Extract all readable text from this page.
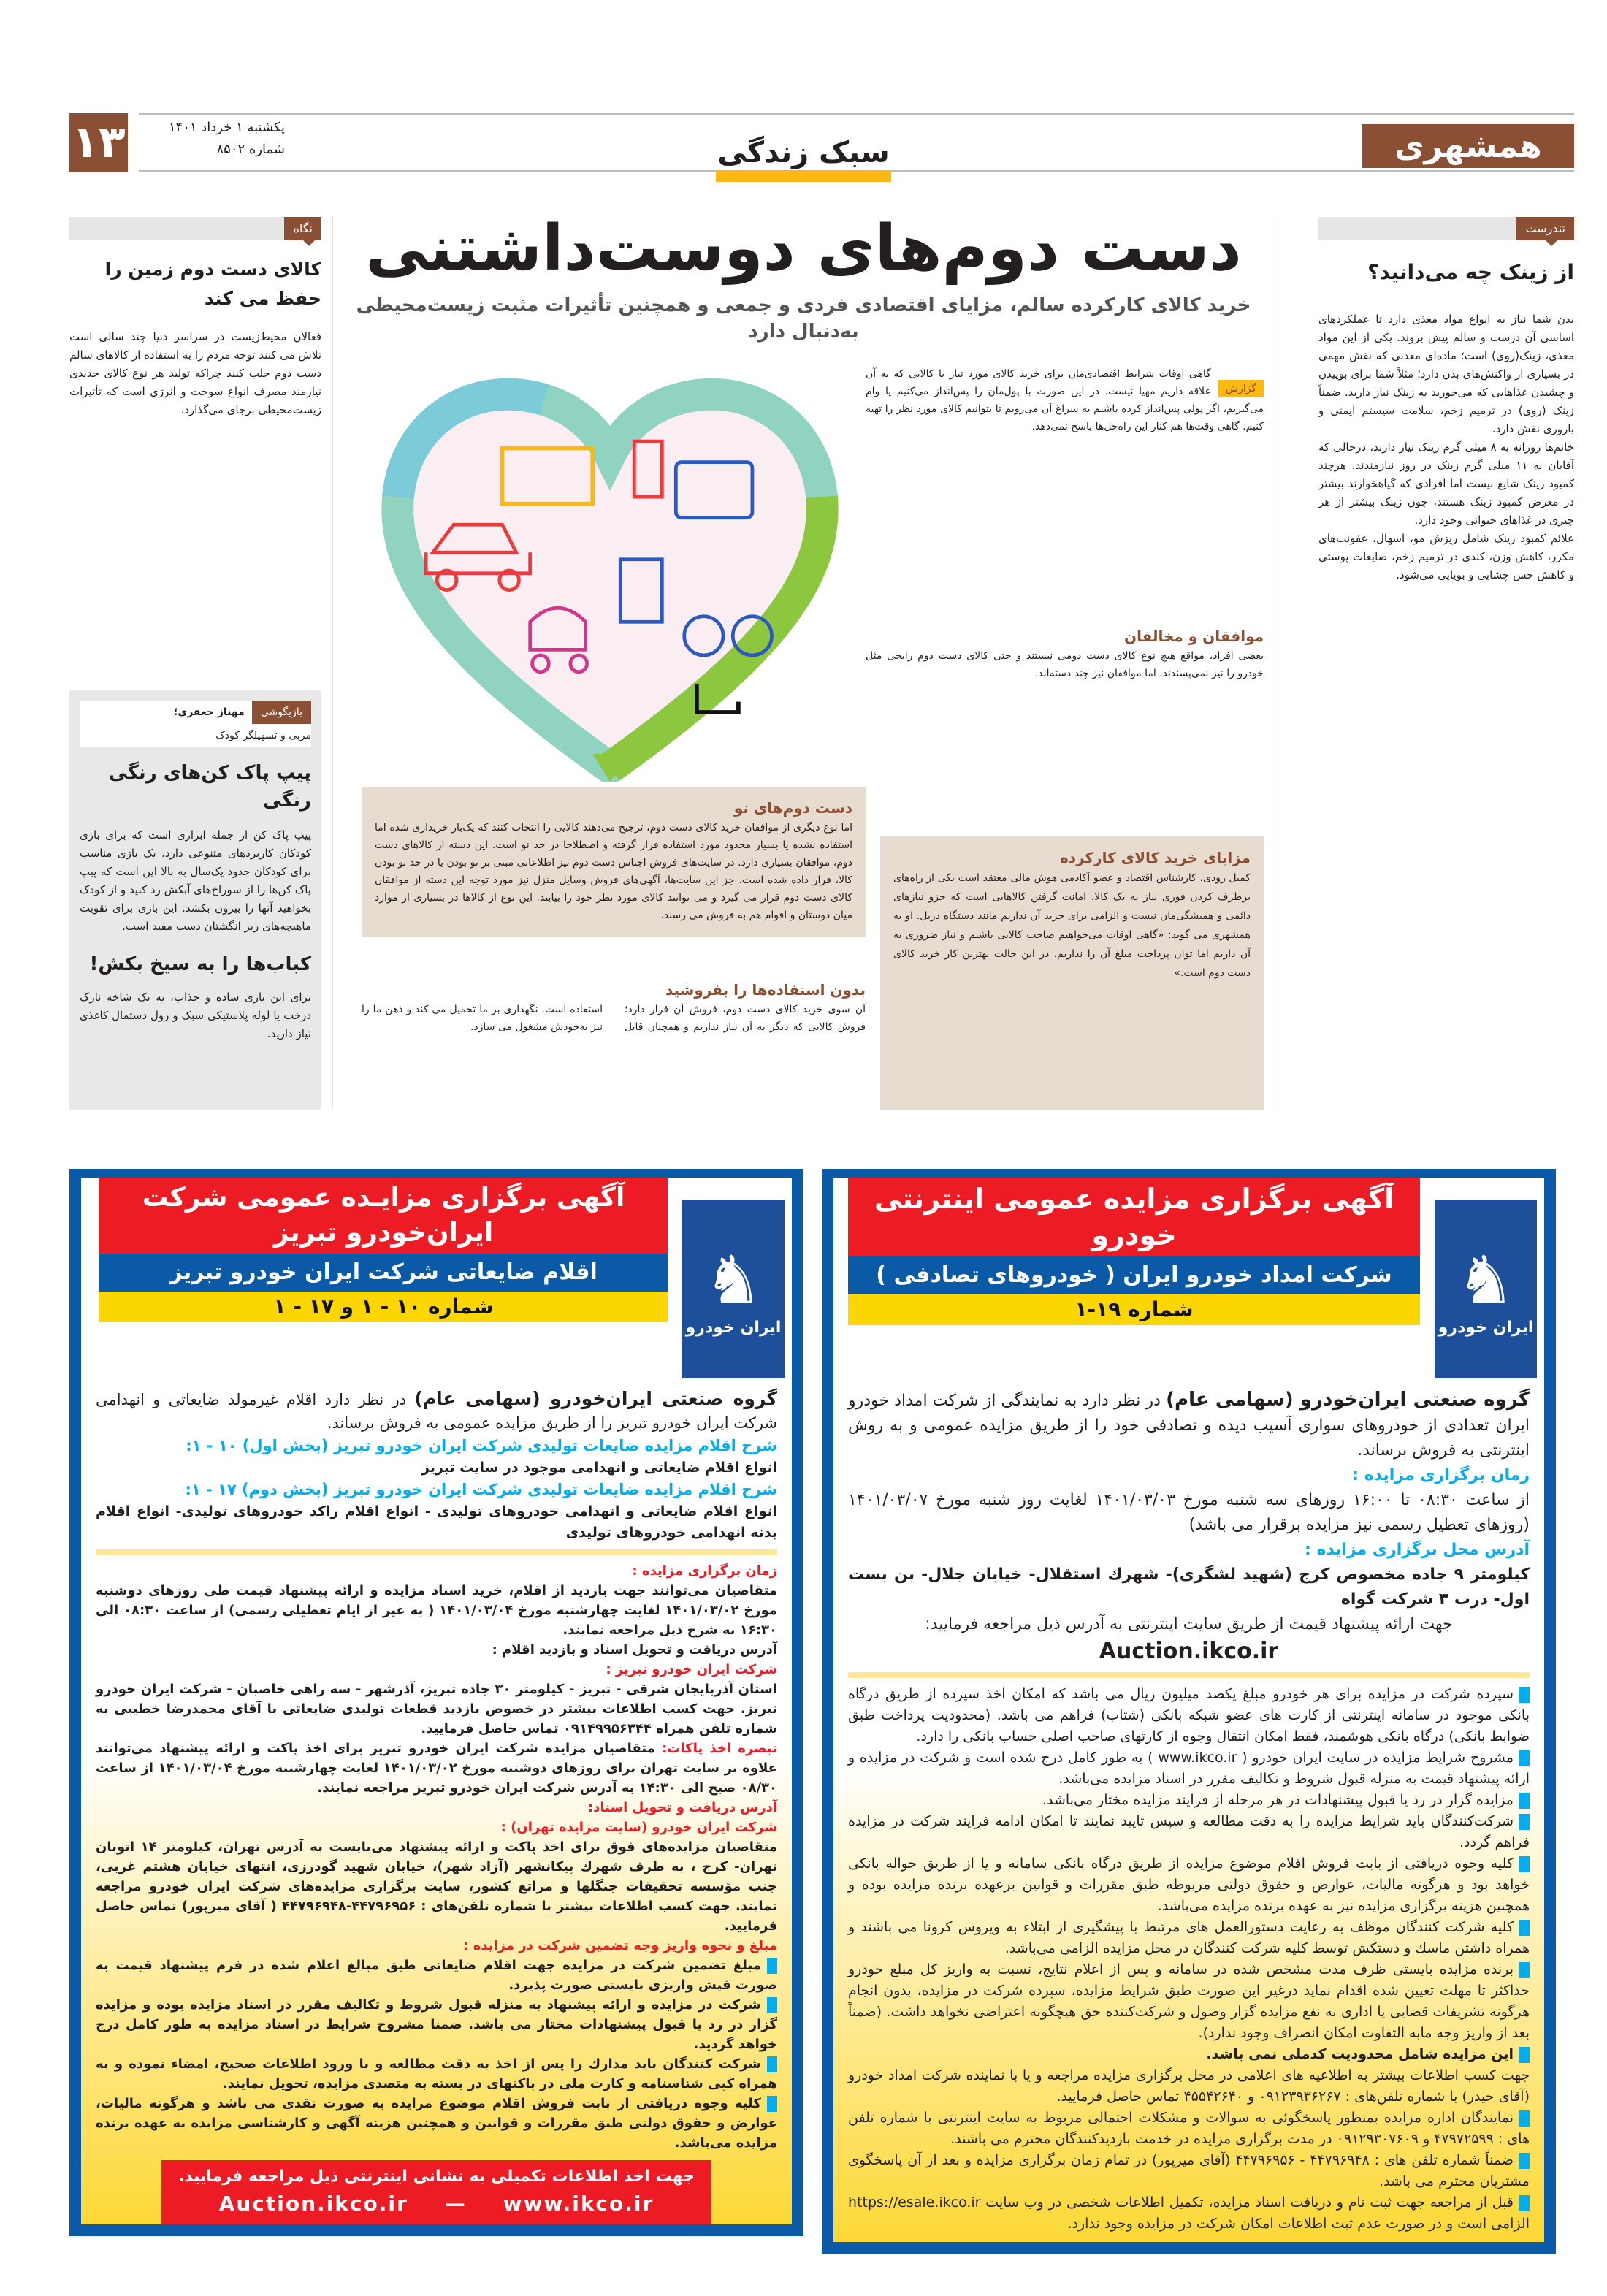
۱۳	یکشنبه ۱ خرداد ۱۴۰۱
شماره ۸۵۰۲	سبک زندگی	همشهری
تندرست
از زینک چه می‌دانید؟

بدن شما نیاز به انواع مواد مغذی دارد تا عملکردهای اساسی آن درست و سالم پیش بروند. یکی از این مواد مغذی، زینک(روی) است؛ ماده‌ای معدنی که نقش مهمی در بسیاری از واکنش‌های بدن دارد؛ مثلاً شما برای بوییدن و چشیدن غذاهایی که می‌خورید به زینک نیاز دارید. ضمناً زینک (روی) در ترمیم زخم، سلامت سیستم ایمنی و باروری نقش دارد.

خانم‌ها روزانه به ۸ میلی گرم زینک نیاز دارند، درحالی که آقایان به ۱۱ میلی گرم زینک در روز نیازمندند. هرچند کمبود زینک شایع نیست اما افرادی که گیاهخوارند بیشتر در معرض کمبود زینک هستند، چون زینک بیشتر از هر چیزی در غذاهای حیوانی وجود دارد.

علائم کمبود زینک شامل ریزش مو، اسهال، عفونت‌های مکرر، کاهش وزن، کندی در ترمیم زخم، ضایعات پوستی و کاهش حس چشایی و بویایی می‌شود.

نگاه
کالای دست دوم زمین را حفظ می کند

فعالان محیط‌زیست در سراسر دنیا چند سالی است تلاش می کنند توجه مردم را به استفاده از کالاهای سالم دست دوم جلب کنند چراکه تولید هر نوع کالای جدیدی نیازمند مصرف انواع سوخت و انرژی است که تأثیرات زیست‌محیطی برجای می‌گذارد.

بازیگوشی
مهناز جعفری؛
مربی و تسهیلگر کودک
پیپ پاک کن‌های رنگی رنگی

پیپ پاک کن از جمله ابزاری است که برای بازی کودکان کاربردهای متنوعی دارد. یک بازی مناسب برای کودکان حدود یک‌سال به بالا این است که پیپ پاک کن‌ها را از سوراخ‌های آبکش رد کنید و از کودک بخواهید آنها را بیرون بکشد. این بازی برای تقویت ماهیچه‌های ریز انگشتان دست مفید است.

کباب‌ها را به سیخ بکش!

برای این بازی ساده و جذاب، به یک شاخه نازک درخت یا لوله پلاستیکی سبک و رول دستمال کاغذی نیاز دارید.

دست دوم‌های دوست‌داشتنی
خرید کالای کارکرده سالم، مزایای اقتصادی فردی و جمعی و همچنین تأثیرات مثبت زیست‌محیطی به‌دنبال دارد
گزارش

گاهی اوقات شرایط اقتصادی‌مان برای خرید کالای مورد نیاز یا کالایی که به آن علاقه داریم مهیا نیست. در این صورت با پول‌مان را پس‌انداز می‌کنیم یا وام می‌گیریم، اگر پولی پس‌انداز کرده باشیم به سراغ آن می‌رویم تا بتوانیم کالای مورد نظر را تهیه کنیم. گاهی وقت‌ها هم کنار این راه‌حل‌ها پاسخ نمی‌دهد.

موافقان و مخالفان

بعضی افراد، مواقع هیچ نوع کالای دست دومی نیستند و حتی کالای دست دوم رایجی مثل خودرو را نیز نمی‌پسندند. اما موافقان نیز چند دسته‌اند.

دست دوم‌های نو

اما نوع دیگری از موافقان خرید کالای دست دوم، ترجیح می‌دهند کالایی را انتخاب کنند که یک‌بار خریداری شده اما استفاده نشده یا بسیار محدود مورد استفاده قرار گرفته و اصطلاحا در حد نو است. این دسته از کالاهای دست دوم، موافقان بسیاری دارد. در سایت‌های فروش اجناس دست دوم نیز اطلاعاتی مبنی بر نو بودن یا در حد نو بودن کالا، قرار داده شده است. جز این سایت‌ها، آگهی‌های فروش وسایل منزل نیز مورد توجه این دسته از موافقان کالای دست دوم قرار می گیرد و می توانند کالای مورد نظر خود را بیابند. این نوع از کالاها در بسیاری از موارد میان دوستان و اقوام هم به فروش می رسند.

مزایای خرید کالای کارکرده

کمیل رودی، کارشناس اقتصاد و عضو آکادمی هوش مالی معتقد است یکی از راه‌های برطرف کردن فوری نیاز به یک کالا، امانت گرفتن کالاهایی است که جزو نیازهای دائمی و همیشگی‌مان نیست و الزامی برای خرید آن نداریم مانند دستگاه دریل. او به همشهری می گوید: «گاهی اوقات می‌خواهیم صاحب کالایی باشیم و نیاز ضروری به آن داریم اما توان پرداخت مبلغ آن را نداریم، در این حالت بهترین کار خرید کالای دست دوم است.»

بدون استفاده‌ها را بفروشید

آن سوی خرید کالای دست دوم، فروش آن قرار دارد؛ فروش کالایی که دیگر به آن نیاز نداریم و همچنان قابل استفاده است. نگهداری بر ما تحمیل می کند و ذهن ما را نیز به‌خودش مشغول می سازد.

♞
ایران خودرو
آگهی برگزاری مزایده عمومی اینترنتی خودرو
شرکت امداد خودرو ایران ( خودروهای تصادفی )
شماره ۱۹-۱
گروه صنعتی ایران‌خودرو (سهامی عام) در نظر دارد به نمایندگی از شرکت امداد خودرو ایران تعدادی از خودروهای سواری آسیب دیده و تصادفی خود را از طریق مزایده عمومی و به روش اینترنتی به فروش برساند.
زمان برگزاری مزایده :
از ساعت ۰۸:۳۰ تا ۱۶:۰۰ روزهای سه شنبه مورخ ۱۴۰۱/۰۳/۰۳ لغایت روز شنبه مورخ ۱۴۰۱/۰۳/۰۷ (روزهای تعطیل رسمی نیز مزایده برقرار می باشد)
آدرس محل برگزاری مزایده :
کیلومتر ۹ جاده مخصوص کرج (شهید لشگری)- شهرك استقلال- خیابان جلال- بن بست اول- درب ۳ شرکت گواه
جهت ارائه پیشنهاد قیمت از طریق سایت اینترنتی به آدرس ذیل مراجعه فرمایید:
Auction.ikco.ir
سپرده شرکت در مزایده برای هر خودرو مبلغ یکصد میلیون ریال می باشد که امکان اخذ سپرده از طریق درگاه بانکی موجود در سامانه اینترنتی از کارت های عضو شبکه بانکی (شتاب) فراهم می باشد. (محدودیت پرداخت طبق ضوابط بانکی) درگاه بانکی هوشمند، فقط امکان انتقال وجوه از کارتهای صاحب اصلی حساب بانکی را دارد.
مشروح شرایط مزایده در سایت ایران خودرو ( www.ikco.ir ) به طور کامل درج شده است و شرکت در مزایده و ارائه پیشنهاد قیمت به منزله قبول شروط و تکالیف مقرر در اسناد مزایده می‌باشد.
مزایده گزار در رد یا قبول پیشنهادات در هر مرحله از فرایند مزایده مختار می‌باشد.
شرکت‌کنندگان باید شرایط مزایده را به دقت مطالعه و سپس تایید نمایند تا امکان ادامه فرایند شرکت در مزایده فراهم گردد.
کلیه وجوه دریافتی از بابت فروش اقلام موضوع مزایده از طریق درگاه بانکی سامانه و یا از طریق حواله بانکی خواهد بود و هرگونه مالیات، عوارض و حقوق دولتی مربوطه طبق مقررات و قوانین برعهده برنده مزایده بوده و همچنین هزینه برگزاری مزایده نیز به عهده برنده مزایده می‌باشد.
کلیه شرکت کنندگان موظف به رعایت دستورالعمل های مرتبط با پیشگیری از ابتلاء به ویروس کرونا می باشند و همراه داشتن ماسك و دستکش توسط کلیه شرکت کنندگان در محل مزایده الزامی می‌باشد.
برنده مزایده بایستی ظرف مدت مشخص شده در سامانه و پس از اعلام نتایج، نسبت به واریز کل مبلغ خودرو حداکثر تا مهلت تعیین شده اقدام نماید درغیر این صورت طبق شرایط مزایده، سپرده شرکت در مزایده، بدون انجام هرگونه تشریفات قضایی یا اداری به نفع مزایده گزار وصول و شرکت‌کننده حق هیچگونه اعتراضی نخواهد داشت. (ضمناً بعد از واریز وجه مابه التفاوت امکان انصراف وجود ندارد).
این مزایده شامل محدودیت کدملی نمی باشد.
جهت کسب اطلاعات بیشتر به اطلاعیه های اعلامی در محل برگزاری مزایده مراجعه و یا با نماینده شرکت امداد خودرو (آقای حیدر) با شماره تلفن‌های : ۰۹۱۲۳۹۳۶۲۶۷ و ۴۵۵۴۲۶۴۰ تماس حاصل فرمایید.
نمایندگان اداره مزایده بمنظور پاسخگوئی به سوالات و مشکلات احتمالی مربوط به سایت اینترنتی با شماره تلفن های : ۴۷۹۷۲۵۹۹ و ۰۹۱۲۹۳۰۷۶۰۹ در مدت برگزاری مزایده در خدمت بازدیدکنندگان محترم می باشند.
ضمناً شماره تلفن های : ۴۴۷۹۶۹۴۸ - ۴۴۷۹۶۹۵۶ (آقای میرپور) در تمام زمان برگزاری مزایده و بعد از آن پاسخگوی مشتریان محترم می باشد.
قبل از مراجعه جهت ثبت نام و دریافت اسناد مزایده، تکمیل اطلاعات شخصی در وب سایت https://esale.ikco.ir الزامی است و در صورت عدم ثبت اطلاعات امکان شرکت در مزایده وجود ندارد.
♞
ایران خودرو
آگهی برگزاری مزایـده عمومی شرکت ایران‌خودرو تبریز
اقلام ضایعاتی شرکت ایران خودرو تبریز
شماره ۱۰ - ۱ و ۱۷ - ۱
گروه صنعتی ایران‌خودرو (سهامی عام) در نظر دارد اقلام غیرمولد ضایعاتی و انهدامی شرکت ایران خودرو تبریز را از طریق مزایده عمومی به فروش برساند.
شرح اقلام مزایده ضایعات تولیدی شرکت ایران خودرو تبریز (بخش اول) ۱۰ - ۱:
انواع اقلام ضایعاتی و انهدامی موجود در سایت تبریز
شرح اقلام مزایده ضایعات تولیدی شرکت ایران خودرو تبریز (بخش دوم) ۱۷ - ۱:
انواع اقلام ضایعاتی و انهدامی خودروهای تولیدی - انواع اقلام راکد خودروهای تولیدی- انواع اقلام بدنه انهدامی خودروهای تولیدی
زمان برگزاری مزایده :
متقاضیان می‌توانند جهت بازدید از اقلام، خرید اسناد مزایده و ارائه پیشنهاد قیمت طی روزهای دوشنبه مورخ ۱۴۰۱/۰۳/۰۲ لغایت چهارشنبه مورخ ۱۴۰۱/۰۳/۰۴ ( به غیر از ایام تعطیلی رسمی) از ساعت ۰۸:۳۰ الی ۱۶:۳۰ به شرح ذیل مراجعه نمایند.
آدرس دریافت و تحویل اسناد و بازدید اقلام :
شرکت ایران خودرو تبریز :
استان آذربایجان شرقی - تبریز - کیلومتر ۳۰ جاده تبریز، آذرشهر - سه راهی خاصبان - شرکت ایران خودرو تبریز. جهت کسب اطلاعات بیشتر در خصوص بازدید قطعات تولیدی ضایعاتی با آقای محمدرضا خطیبی به شماره تلفن همراه ۰۹۱۴۹۹۵۶۳۴۴ تماس حاصل فرمایید.
تبصره اخذ پاکات: متقاضیان مزایده شرکت ایران خودرو تبریز برای اخذ پاکت و ارائه پیشنهاد می‌توانند علاوه بر سایت تهران برای روزهای دوشنبه مورخ ۱۴۰۱/۰۳/۰۲ لغایت چهارشنبه مورخ ۱۴۰۱/۰۳/۰۴ از ساعت ۰۸/۳۰ صبح الی ۱۴:۳۰ به آدرس شرکت ایران خودرو تبریز مراجعه نمایند.
آدرس دریافت و تحویل اسناد:
شرکت ایران خودرو (سایت مزایده تهران) :
متقاضیان مزایده‌های فوق برای اخذ پاکت و ارائه پیشنهاد می‌بایست به آدرس تهران، کیلومتر ۱۴ اتوبان تهران- کرج ، به طرف شهرك پیکانشهر (آزاد شهر)، خیابان شهید گودرزی، انتهای خیابان هشتم غربی، جنب مؤسسه تحقیقات جنگلها و مراتع کشور، سایت برگزاری مزایده‌های شرکت ایران خودرو مراجعه نمایند. جهت کسب اطلاعات بیشتر با شماره تلفن‌های : ۴۴۷۹۶۹۵۶-۴۴۷۹۶۹۴۸ ( آقای میرپور) تماس حاصل فرمایید.
مبلغ و نحوه واریز وجه تضمین شرکت در مزایده :
مبلغ تضمین شرکت در مزایده جهت اقلام ضایعاتی طبق مبالغ اعلام شده در فرم پیشنهاد قیمت به صورت فیش واریزی بایستی صورت پذیرد.
شرکت در مزایده و ارائه پیشنهاد به منزله قبول شروط و تکالیف مقرر در اسناد مزایده بوده و مزایده گزار در رد یا قبول پیشنهادات مختار می باشد. ضمنا مشروح شرایط در اسناد مزایده به طور کامل درج خواهد گردید.
شرکت کنندگان باید مدارك را پس از اخذ به دقت مطالعه و با ورود اطلاعات صحیح، امضاء نموده و به همراه کپی شناسنامه و کارت ملی در پاکتهای در بسته به متصدی مزایده، تحویل نمایند.
کلیه وجوه دریافتی از بابت فروش اقلام موضوع مزایده به صورت نقدی می باشد و هرگونه مالیات، عوارض و حقوق دولتی طبق مقررات و قوانین و همچنین هزینه آگهی و کارشناسی مزایده به عهده برنده مزایده می‌باشد.
جهت اخذ اطلاعات تکمیلی به نشانی اینترنتی ذیل مراجعه فرمایید.
Auction.ikco.ir — www.ikco.ir
